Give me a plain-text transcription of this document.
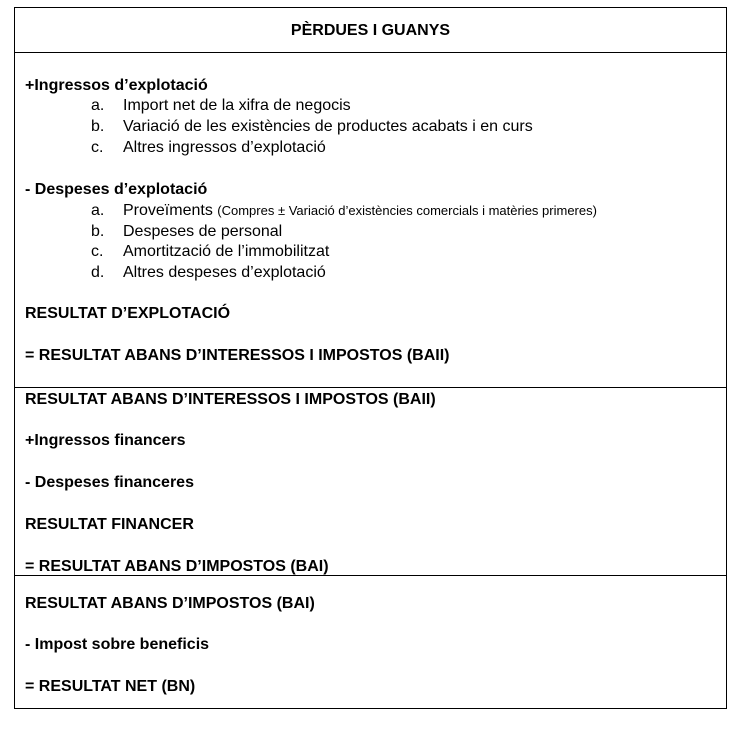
PÈRDUES I GUANYS
+Ingressos d’explotació
a. Import net de la xifra de negocis
b. Variació de les existències de productes acabats i en curs
c. Altres ingressos d’explotació
- Despeses d’explotació
a. Proveïments (Compres ± Variació d’existències comercials i matèries primeres)
b. Despeses de personal
c. Amortització de l’immobilitzat
d. Altres despeses d’explotació
RESULTAT D’EXPLOTACIÓ
= RESULTAT ABANS D’INTERESSOS I IMPOSTOS (BAII)
RESULTAT ABANS D’INTERESSOS I IMPOSTOS (BAII)
+Ingressos financers
- Despeses financeres
RESULTAT FINANCER
= RESULTAT ABANS D’IMPOSTOS (BAI)
RESULTAT ABANS D’IMPOSTOS (BAI)
- Impost sobre beneficis
= RESULTAT NET (BN)
